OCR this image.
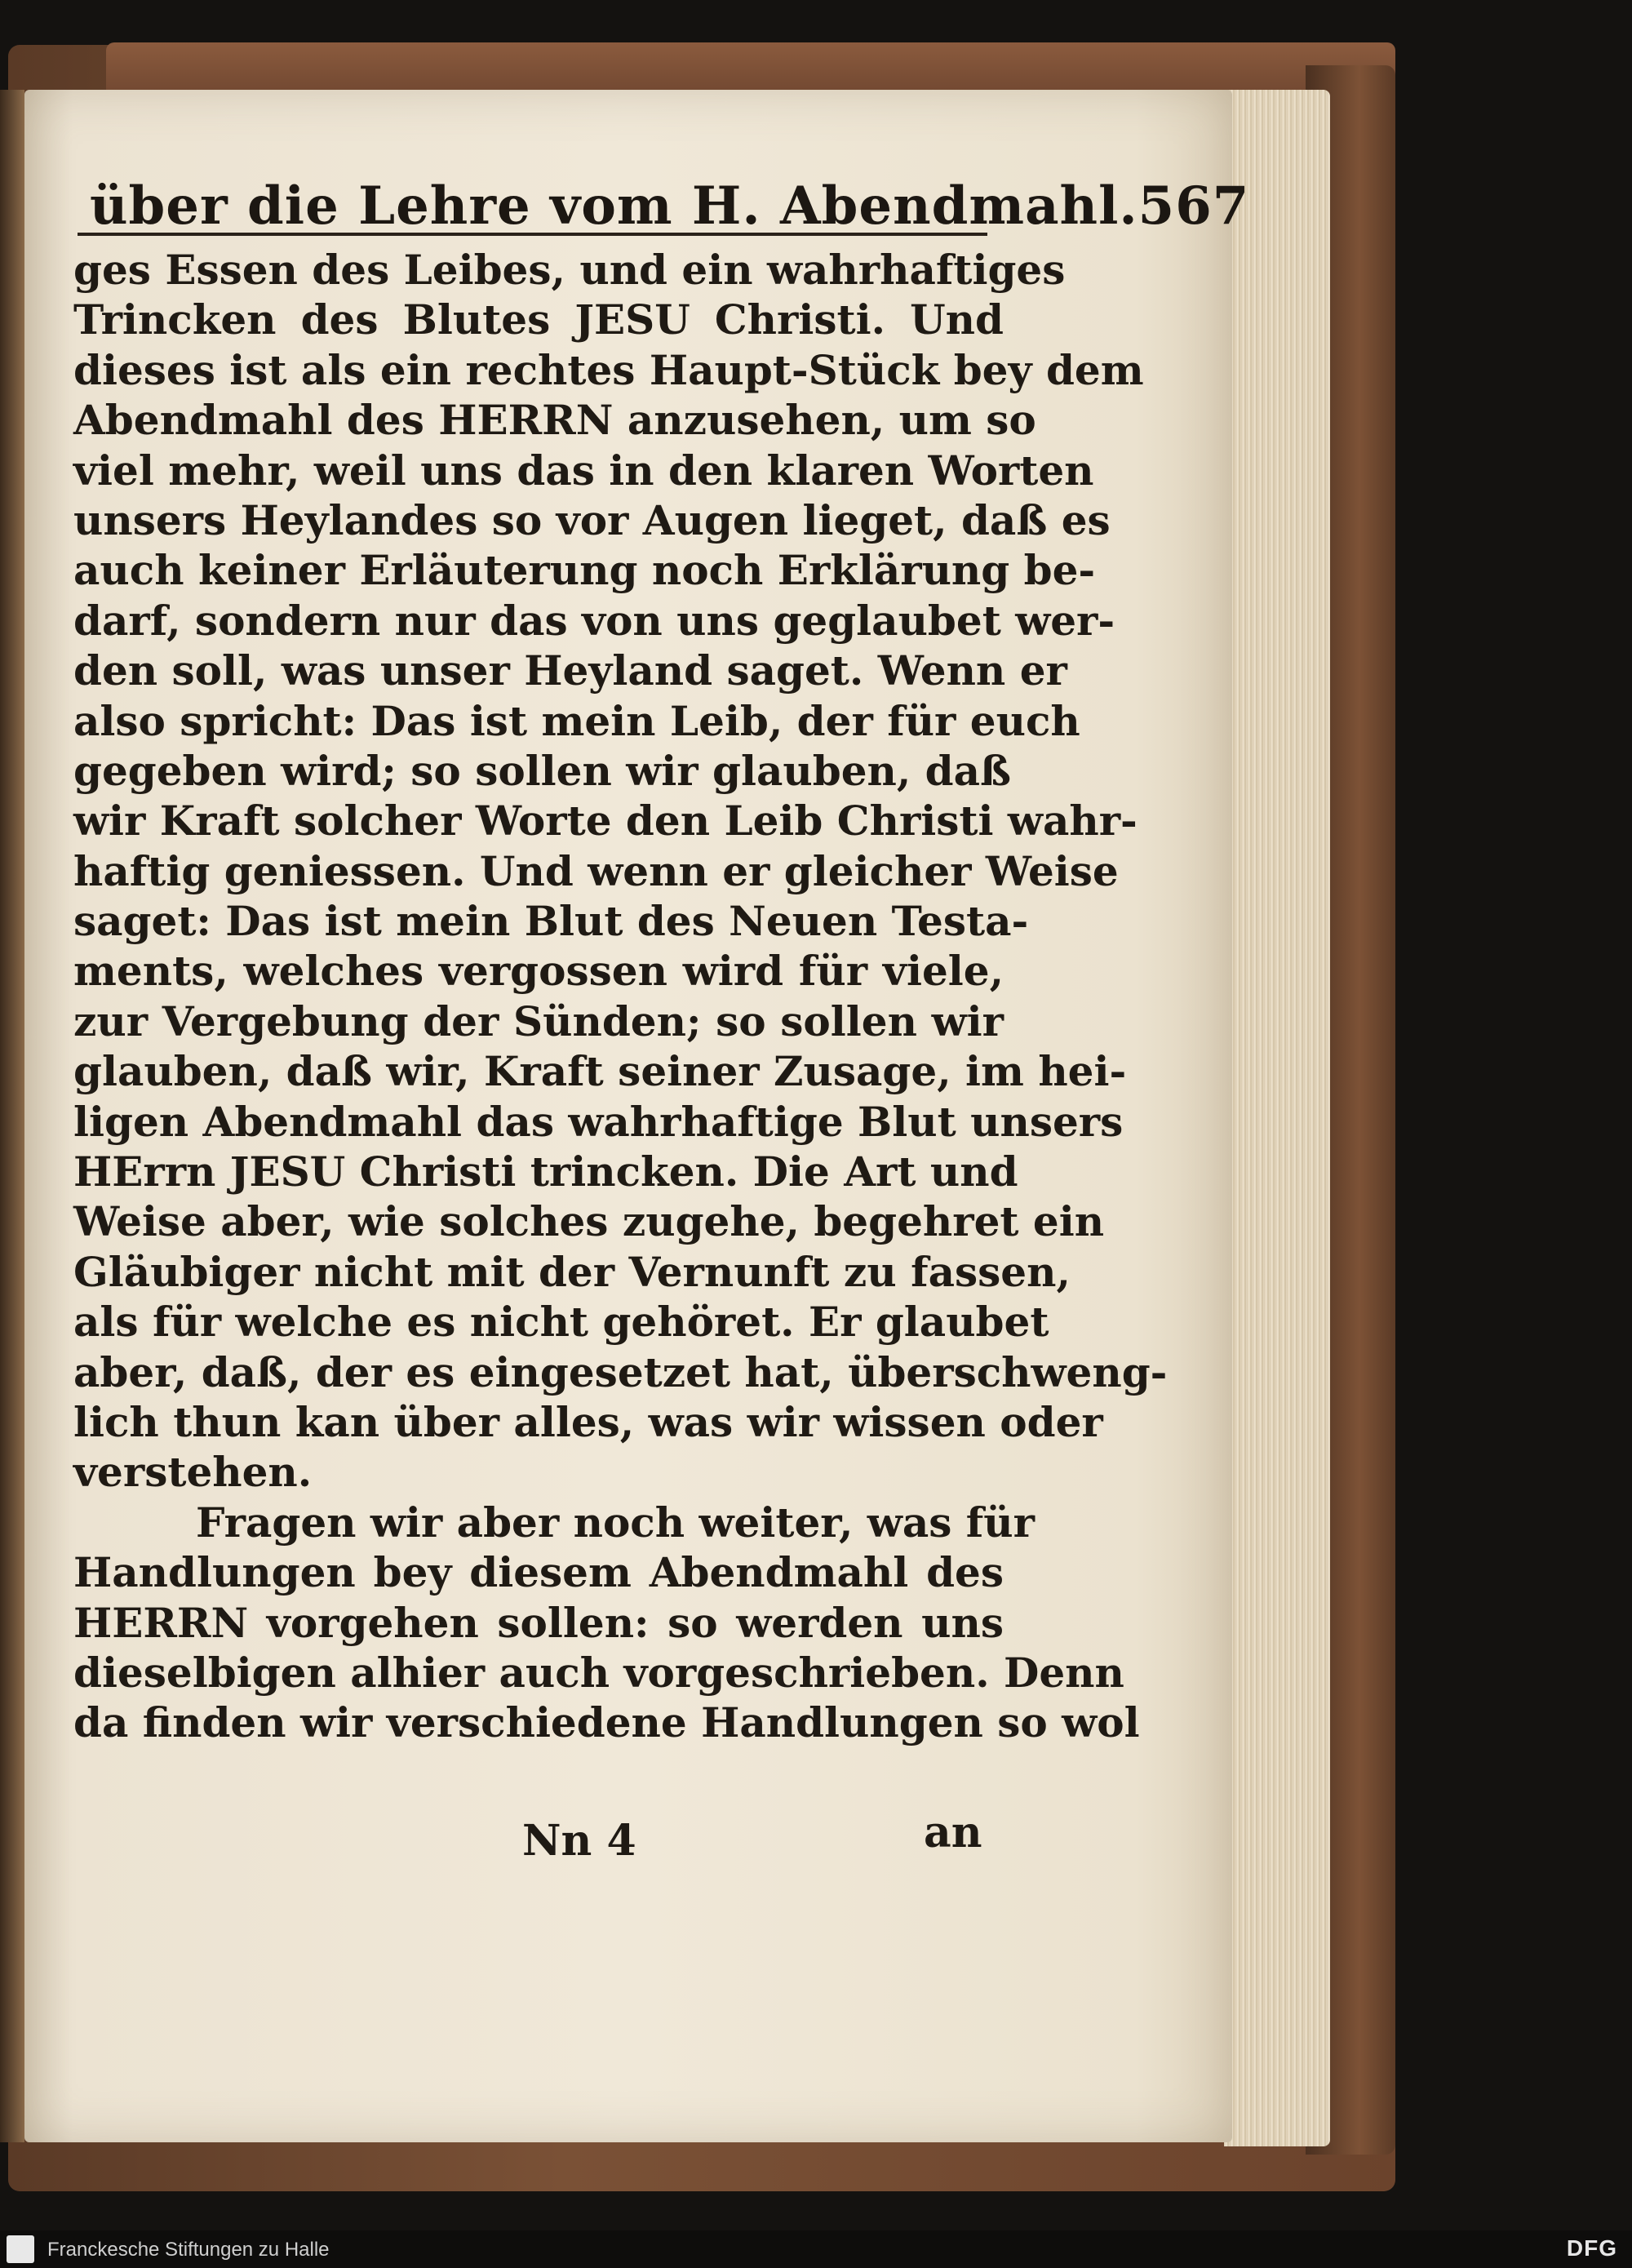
über die Lehre vom H. Abendmahl. 567
ges Essen des Leibes, und ein wahrhaftiges
Trincken des Blutes JESU Christi. Und
dieses ist als ein rechtes Haupt-Stück bey dem
Abendmahl des HERRN anzusehen, um so
viel mehr, weil uns das in den klaren Worten
unsers Heylandes so vor Augen lieget, daß es
auch keiner Erläuterung noch Erklärung be-
darf, sondern nur das von uns geglaubet wer-
den soll, was unser Heyland saget. Wenn er
also spricht: Das ist mein Leib, der für euch
gegeben wird; so sollen wir glauben, daß
wir Kraft solcher Worte den Leib Christi wahr-
haftig geniessen. Und wenn er gleicher Weise
saget: Das ist mein Blut des Neuen Testa-
ments, welches vergossen wird für viele,
zur Vergebung der Sünden; so sollen wir
glauben, daß wir, Kraft seiner Zusage, im hei-
ligen Abendmahl das wahrhaftige Blut unsers
HErrn JESU Christi trincken. Die Art und
Weise aber, wie solches zugehe, begehret ein
Gläubiger nicht mit der Vernunft zu fassen,
als für welche es nicht gehöret. Er glaubet
aber, daß, der es eingesetzet hat, überschweng-
lich thun kan über alles, was wir wissen oder
verstehen.
Fragen wir aber noch weiter, was für
Handlungen bey diesem Abendmahl des
HERRN vorgehen sollen: so werden uns
dieselbigen alhier auch vorgeschrieben. Denn
da finden wir verschiedene Handlungen so wol
Nn 4	an
Franckesche Stiftungen zu Halle	DFG
